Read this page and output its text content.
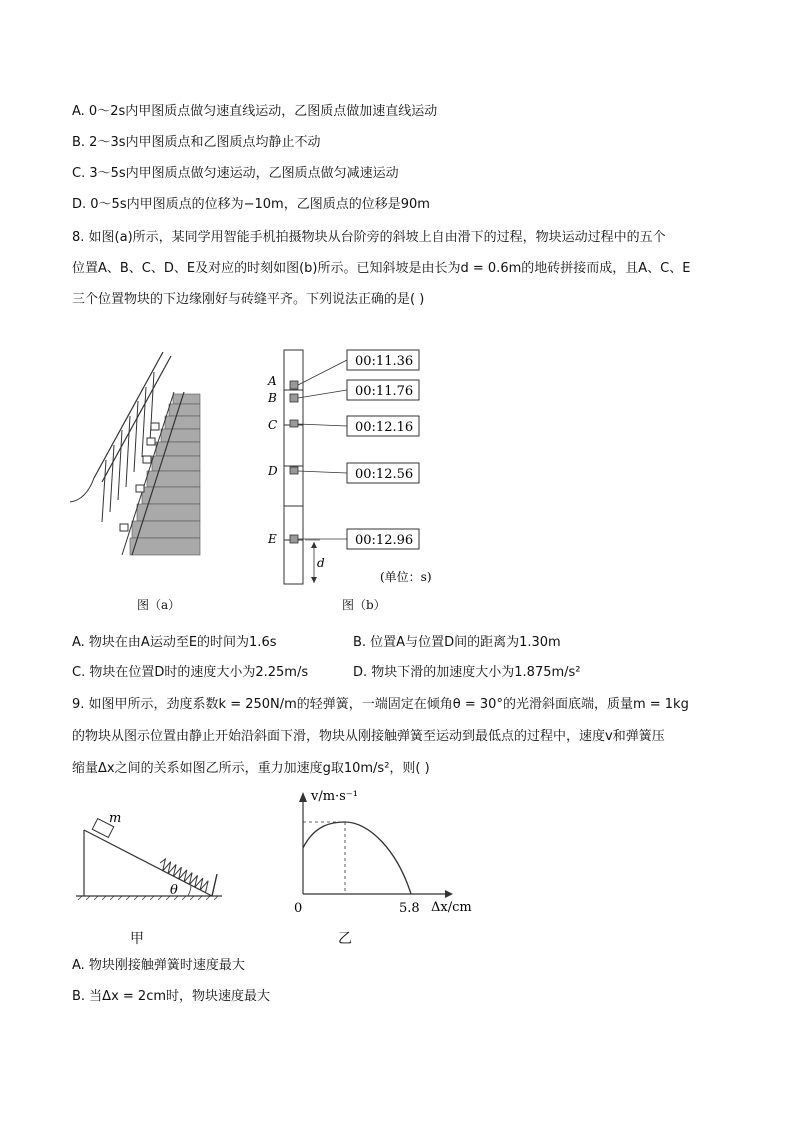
A. 0～2s内甲图质点做匀速直线运动，乙图质点做加速直线运动
B. 2～3s内甲图质点和乙图质点均静止不动
C. 3～5s内甲图质点做匀速运动，乙图质点做匀减速运动
D. 0～5s内甲图质点的位移为−10m，乙图质点的位移是90m
8. 如图(a)所示，某同学用智能手机拍摄物块从台阶旁的斜坡上自由滑下的过程，物块运动过程中的五个
位置A、B、C、D、E及对应的时刻如图(b)所示。已知斜坡是由长为d = 0.6m的地砖拼接而成，且A、C、E
三个位置物块的下边缘刚好与砖缝平齐。下列说法正确的是( )
图（a）
A
B
C
D
E
00:11.36
00:11.76
00:12.16
00:12.56
00:12.96
d
(单位：s)
图（b）
A. 物块在由A运动至E的时间为1.6s	B. 位置A与位置D间的距离为1.30m
C. 物块在位置D时的速度大小为2.25m/s	D. 物块下滑的加速度大小为1.875m/s²
9. 如图甲所示，劲度系数k = 250N/m的轻弹簧，一端固定在倾角θ = 30°的光滑斜面底端，质量m = 1kg
的物块从图示位置由静止开始沿斜面下滑，物块从刚接触弹簧至运动到最低点的过程中，速度v和弹簧压
缩量Δx之间的关系如图乙所示，重力加速度g取10m/s²，则( )
m
θ
甲
v/m·s⁻¹
Δx/cm
0	5.8
乙
A. 物块刚接触弹簧时速度最大
B. 当Δx = 2cm时，物块速度最大
